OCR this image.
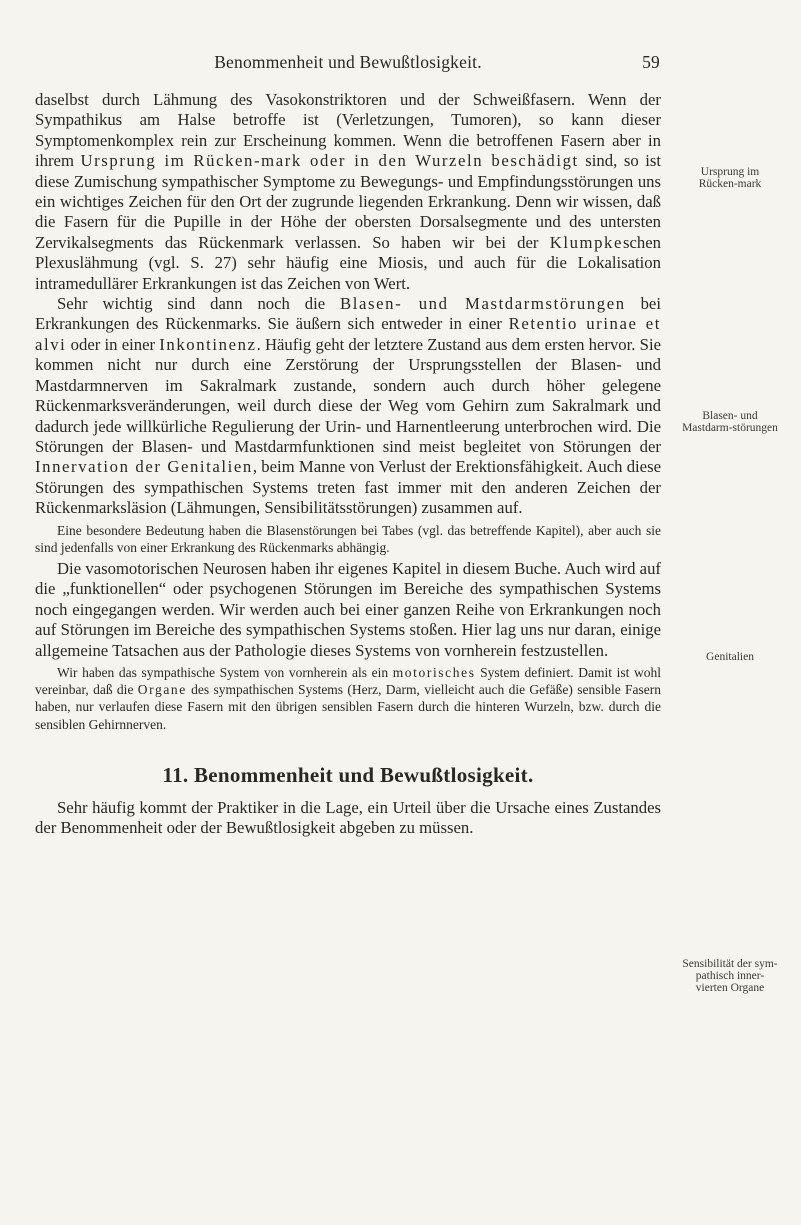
Benommenheit und Bewußtlosigkeit.	59

daselbst durch Lähmung des Vasokonstriktoren und der Schweißfasern. Wenn der Sympathikus am Halse betroffe ist (Verletzungen, Tumoren), so kann dieser Symptomenkomplex rein zur Erscheinung kommen. Wenn die betroffenen Fasern aber in ihrem Ursprung im Rücken-mark oder in den Wurzeln beschädigt sind, so ist diese Zumischung sympathischer Symptome zu Bewegungs- und Empfindungsstörungen uns ein wichtiges Zeichen für den Ort der zugrunde liegenden Erkrankung. Denn wir wissen, daß die Fasern für die Pupille in der Höhe der obersten Dorsalsegmente und des untersten Zervikalsegments das Rückenmark verlassen. So haben wir bei der Klumpkeschen Plexuslähmung (vgl. S. 27) sehr häufig eine Miosis, und auch für die Lokalisation intramedullärer Erkrankungen ist das Zeichen von Wert.

Sehr wichtig sind dann noch die Blasen- und Mastdarmstörungen bei Erkrankungen des Rückenmarks. Sie äußern sich entweder in einer Retentio urinae et alvi oder in einer Inkontinenz. Häufig geht der letztere Zustand aus dem ersten hervor. Sie kommen nicht nur durch eine Zerstörung der Ursprungsstellen der Blasen- und Mastdarmnerven im Sakralmark zustande, sondern auch durch höher gelegene Rückenmarksveränderungen, weil durch diese der Weg vom Gehirn zum Sakralmark und dadurch jede willkürliche Regulierung der Urin- und Harnentleerung unterbrochen wird. Die Störungen der Blasen- und Mastdarmfunktionen sind meist begleitet von Störungen der Innervation der Genitalien, beim Manne von Verlust der Erektionsfähigkeit. Auch diese Störungen des sympathischen Systems treten fast immer mit den anderen Zeichen der Rückenmarksläsion (Lähmungen, Sensibilitätsstörungen) zusammen auf.

Eine besondere Bedeutung haben die Blasenstörungen bei Tabes (vgl. das betreffende Kapitel), aber auch sie sind jedenfalls von einer Erkrankung des Rückenmarks abhängig.

Die vasomotorischen Neurosen haben ihr eigenes Kapitel in diesem Buche. Auch wird auf die „funktionellen“ oder psychogenen Störungen im Bereiche des sympathischen Systems noch eingegangen werden. Wir werden auch bei einer ganzen Reihe von Erkrankungen noch auf Störungen im Bereiche des sympathischen Systems stoßen. Hier lag uns nur daran, einige allgemeine Tatsachen aus der Pathologie dieses Systems von vornherein festzustellen.

Wir haben das sympathische System von vornherein als ein motorisches System definiert. Damit ist wohl vereinbar, daß die Organe des sympathischen Systems (Herz, Darm, vielleicht auch die Gefäße) sensible Fasern haben, nur verlaufen diese Fasern mit den übrigen sensiblen Fasern durch die hinteren Wurzeln, bzw. durch die sensiblen Gehirnnerven.

11. Benommenheit und Bewußtlosigkeit.

Sehr häufig kommt der Praktiker in die Lage, ein Urteil über die Ursache eines Zustandes der Benommenheit oder der Bewußtlosigkeit abgeben zu müssen.

Ursprung im Rücken-mark
Blasen- und Mastdarm-störungen
Genitalien
Sensibilität der sym-pathisch inner-vierten Organe
